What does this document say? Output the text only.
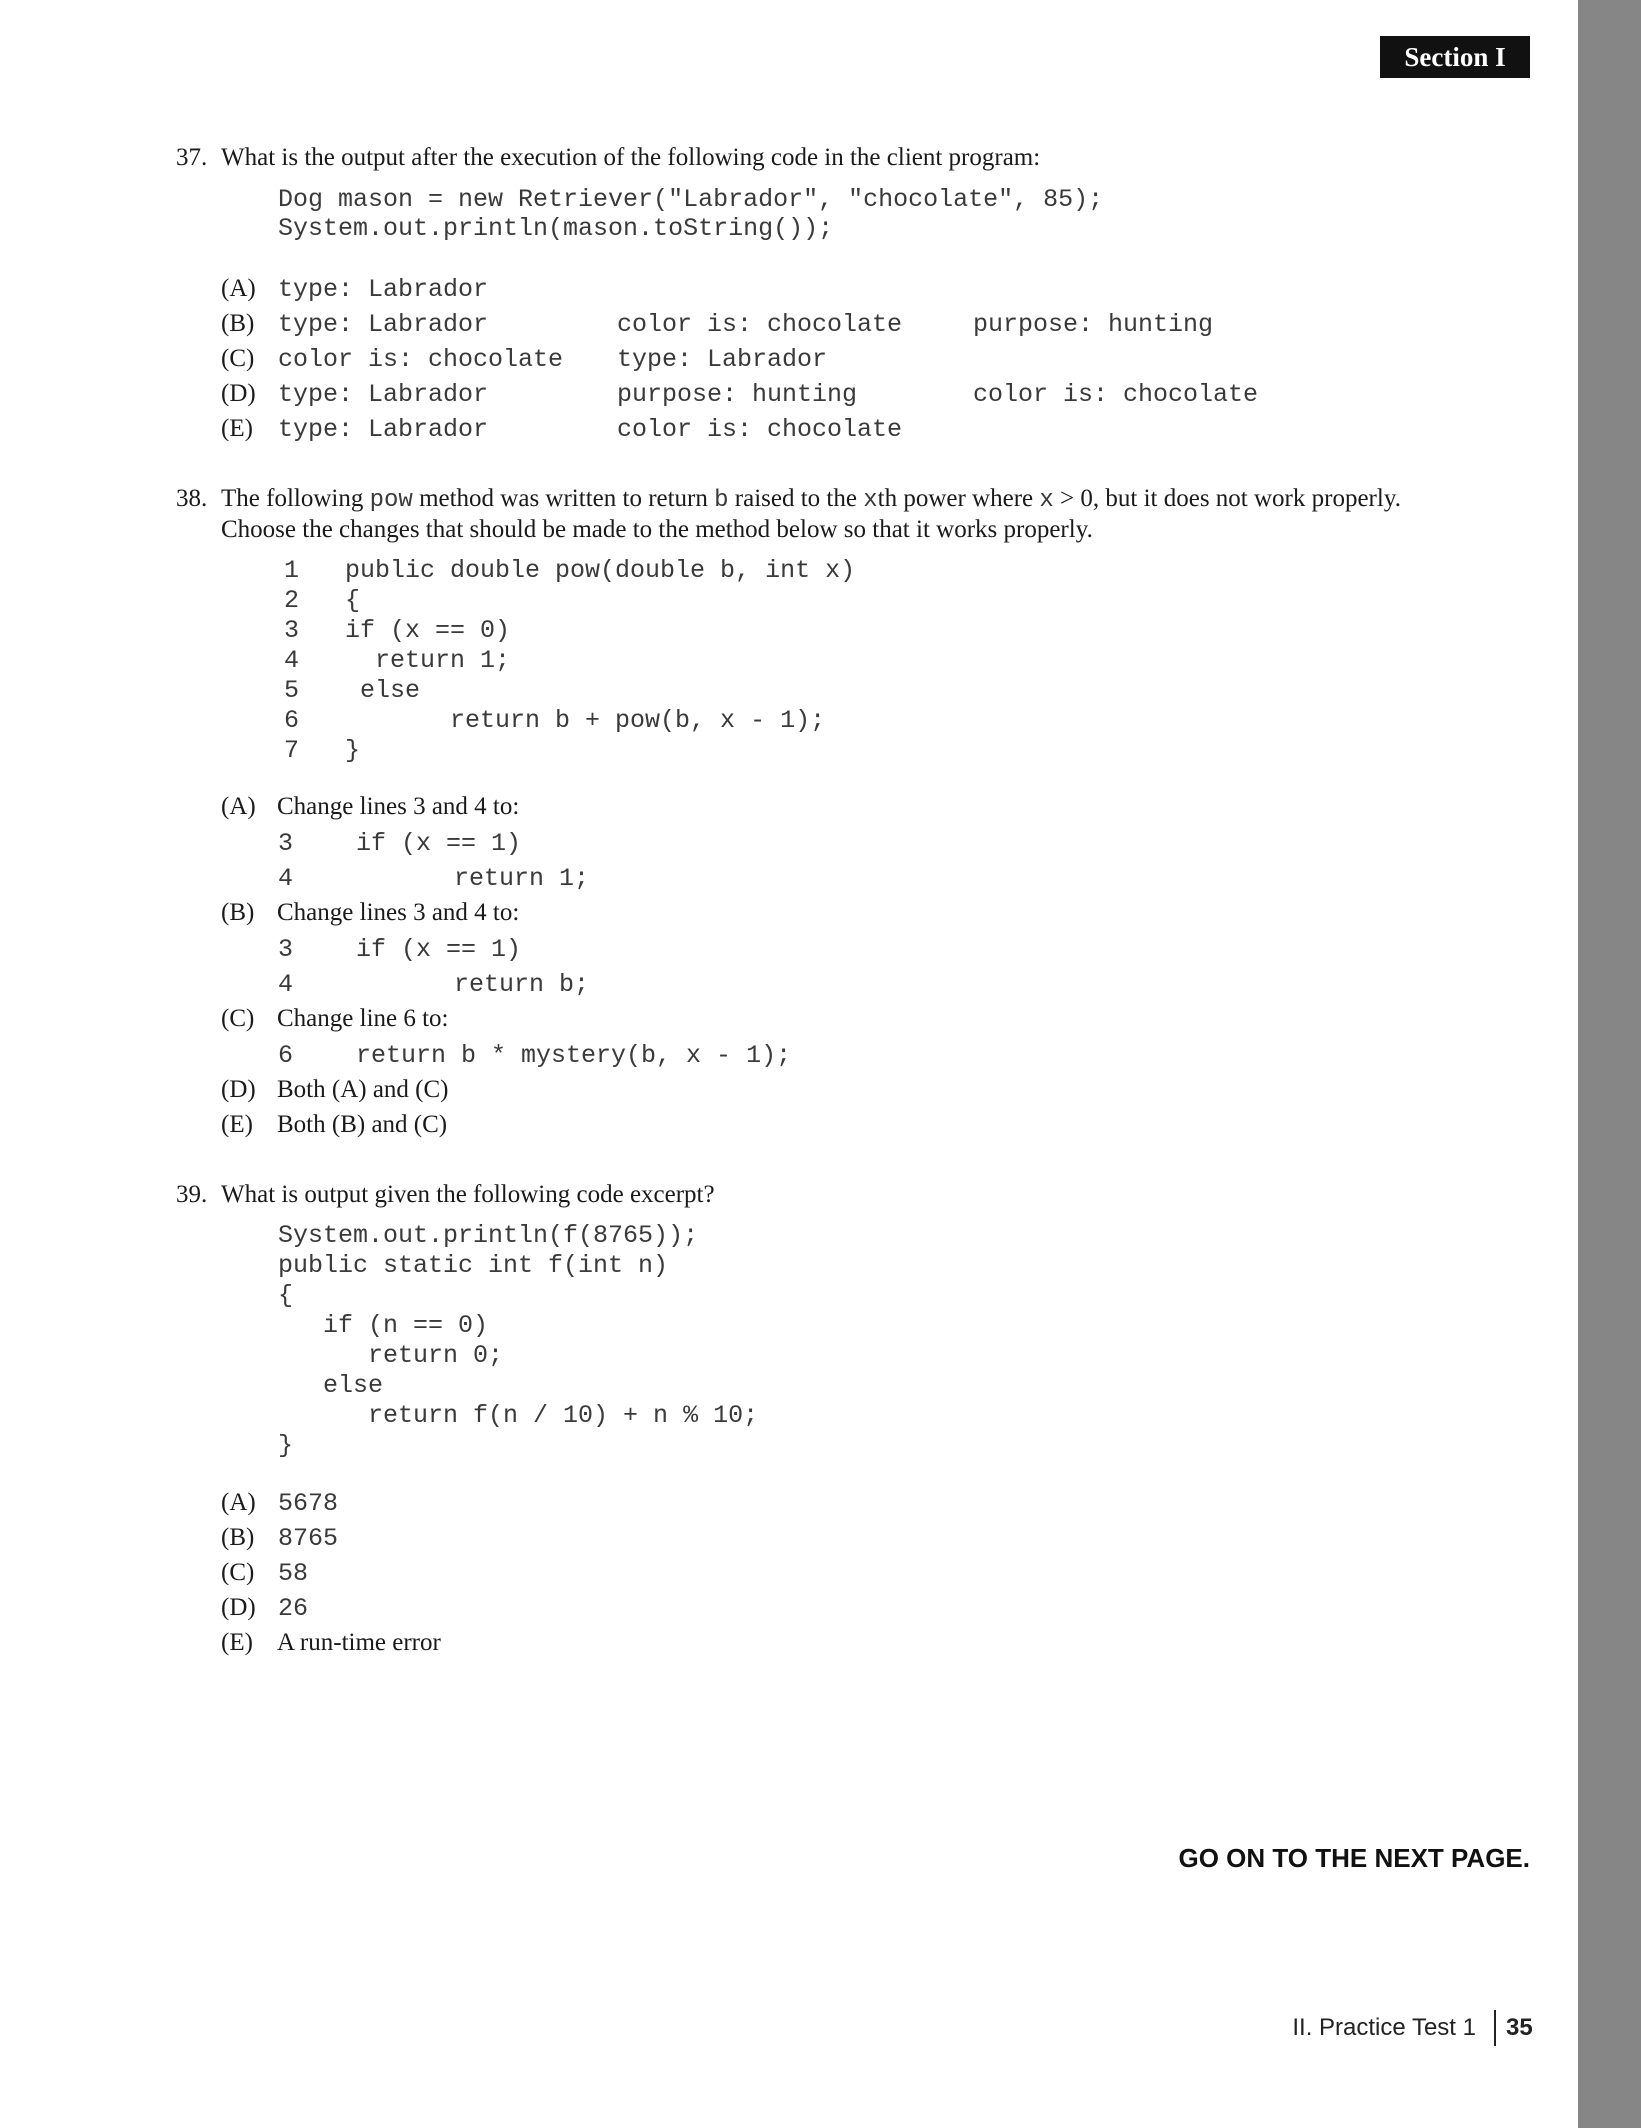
Section I
37. What is the output after the execution of the following code in the client program:
Dog mason = new Retriever("Labrador", "chocolate", 85);
System.out.println(mason.toString());
(A) type: Labrador
(B) type: Labrador	color is: chocolate	purpose: hunting
(C) color is: chocolate type: Labrador
(D) type: Labrador	purpose: hunting	color is: chocolate
(E) type: Labrador	color is: chocolate
38. The following pow method was written to return b raised to the xth power where x > 0, but it does not work properly.
Choose the changes that should be made to the method below so that it works properly.
1 public double pow(double b, int x)
2 {
3 if (x == 0)
4 return 1;
5 else
6 return b + pow(b, x - 1);
7 }
(A) Change lines 3 and 4 to:
3	if (x == 1)
4	return 1;
(B) Change lines 3 and 4 to:
3	if (x == 1)
4	return b;
(C) Change line 6 to:
6	return b * mystery(b, x - 1);
(D) Both (A) and (C)
(E) Both (B) and (C)
39. What is output given the following code excerpt?
System.out.println(f(8765));
public static int f(int n)
{
if (n == 0)
return 0;
else
return f(n / 10) + n % 10;
}
(A) 5678
(B) 8765
(C) 58
(D) 26
(E) A run-time error
GO ON TO THE NEXT PAGE.
II. Practice Test 1 35
